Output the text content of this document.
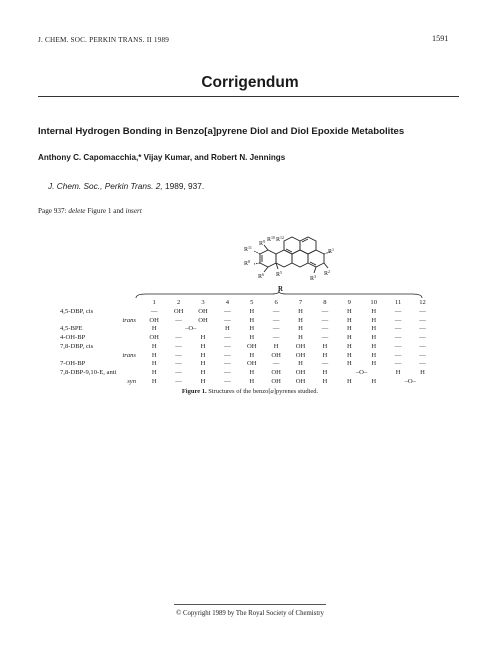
J. CHEM. SOC. PERKIN TRANS. II 1989	1591
Corrigendum
Internal Hydrogen Bonding in Benzo[a]pyrene Diol and Diol Epoxide Metabolites
Anthony C. Capomacchia,* Vijay Kumar, and Robert N. Jennings
J. Chem. Soc., Perkin Trans. 2, 1989, 937.
Page 937: delete Figure 1 and insert
$R^9$ $R^{10}$ $R^{12}$
$R^{11}$
$R^8$
$R^1$
$R^6$ $R^5$
$R^3$ $R^2$
R
	1	2	3	4	5	6	7	8	9	10	11	12
4,5-DBP, cis	—	OH	OH	—	H	—	H	—	H	H	—	—
trans	OH	—	OH	—	H	—	H	—	H	H	—	—
4,5-BPE	H	–O–		H	H	—	H	—	H	H	—	—
4-OH-BP	OH	—	H	—	H	—	H	—	H	H	—	—
7,8-DBP, cis	H	—	H	—	OH	H	OH	H	H	H	—	—
trans	H	—	H	—	H	OH	OH	H	H	H	—	—
7-OH-BP	H	—	H	—	OH	—	H	—	H	H	—	—
7,8-DBP-9,10-E, anti	H	—	H	—	H	OH	OH	H	–O–		H	H
syn	H	—	H	—	H	OH	OH	H	H	H	–O–	
Figure 1. Structures of the benzo[a]pyrenes studied.
© Copyright 1989 by The Royal Society of Chemistry
